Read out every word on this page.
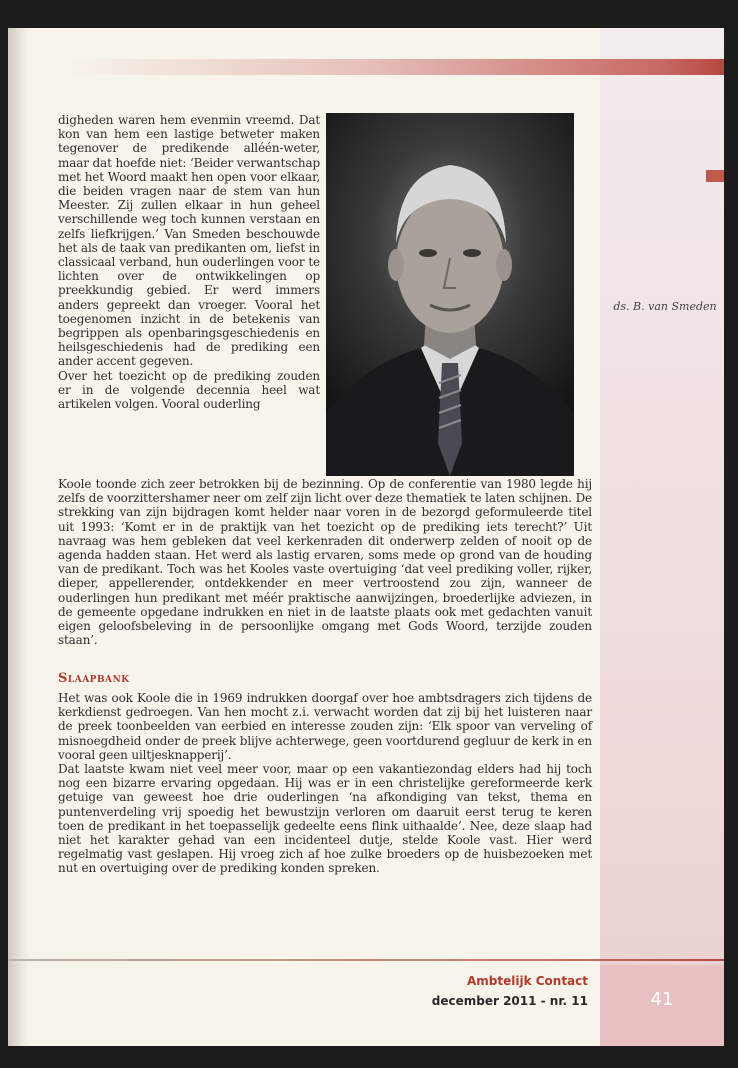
digheden waren hem evenmin vreemd. Dat kon van hem een lastige betweter maken tegenover de predikende alléén-weter, maar dat hoefde niet: ‘Beider verwantschap met het Woord maakt hen open voor elkaar, die beiden vragen naar de stem van hun Meester. Zij zullen elkaar in hun geheel verschillende weg toch kunnen verstaan en zelfs liefkrijgen.’ Van Smeden beschouwde het als de taak van predikanten om, liefst in classicaal verband, hun ouderlingen voor te lichten over de ontwikkelingen op preekkundig gebied. Er werd immers anders gepreekt dan vroeger. Vooral het toegenomen inzicht in de betekenis van begrippen als openbaringsgeschiedenis en heilsgeschiedenis had de prediking een ander accent gegeven.

Over het toezicht op de prediking zouden er in de volgende decennia heel wat artikelen volgen. Vooral ouderling

ds. B. van Smeden

Koole toonde zich zeer betrokken bij de bezinning. Op de conferentie van 1980 legde hij zelfs de voorzittershamer neer om zelf zijn licht over deze thematiek te laten schijnen. De strekking van zijn bijdragen komt helder naar voren in de bezorgd geformuleerde titel uit 1993: ‘Komt er in de praktijk van het toezicht op de prediking iets terecht?’ Uit navraag was hem gebleken dat veel kerkenraden dit onderwerp zelden of nooit op de agenda hadden staan. Het werd als lastig ervaren, soms mede op grond van de houding van de predikant. Toch was het Kooles vaste overtuiging ‘dat veel prediking voller, rijker, dieper, appellerender, ontdekkender en meer vertroostend zou zijn, wanneer de ouderlingen hun predikant met méér praktische aanwijzingen, broederlijke adviezen, in de gemeente opgedane indrukken en niet in de laatste plaats ook met gedachten vanuit eigen geloofsbeleving in de persoonlijke omgang met Gods Woord, terzijde zouden staan’.

Slaapbank

Het was ook Koole die in 1969 indrukken doorgaf over hoe ambtsdragers zich tijdens de kerkdienst gedroegen. Van hen mocht z.i. verwacht worden dat zij bij het luisteren naar de preek toonbeelden van eerbied en interesse zouden zijn: ‘Elk spoor van verveling of misnoegdheid onder de preek blijve achterwege, geen voortdurend gegluur de kerk in en vooral geen uiltjesknapperij’.

Dat laatste kwam niet veel meer voor, maar op een vakantiezondag elders had hij toch nog een bizarre ervaring opgedaan. Hij was er in een christelijke gereformeerde kerk getuige van geweest hoe drie ouderlingen ‘na afkondiging van tekst, thema en puntenverdeling vrij spoedig het bewustzijn verloren om daaruit eerst terug te keren toen de predikant in het toepasselijk gedeelte eens flink uithaalde’. Nee, deze slaap had niet het karakter gehad van een incidenteel dutje, stelde Koole vast. Hier werd regelmatig vast geslapen. Hij vroeg zich af hoe zulke broeders op de huisbezoeken met nut en overtuiging over de prediking konden spreken.

Ambtelijk Contact
december 2011 - nr. 11	41
